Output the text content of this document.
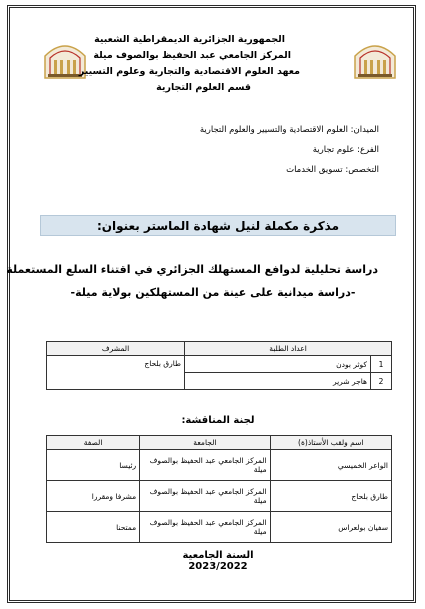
الجمهورية الجزائرية الديمقراطية الشعبية
المركز الجامعي عبد الحفيظ بوالصوف ميلة
معهد العلوم الاقتصادية والتجارية وعلوم التسيير
قسم العلوم التجارية
الميدان: العلوم الاقتصادية والتسيير والعلوم التجارية
الفرع: علوم تجارية
التخصص: تسويق الخدمات
مذكرة مكملة لنيل شهادة الماستر بعنوان:
دراسة تحليلية لدوافع المستهلك الجزائري في اقتناء السلع المستعملة
-دراسة ميدانية على عينة من المستهلكين بولاية ميلة-
اعداد الطلبة		المشرف
1	كوثر بودن	طارق بلحاج
2	هاجر شرير	
لجنة المناقشة:
اسم ولقب الأستاذ(ة)	الجامعة	الصفة
الواعر الخميسي	المركز الجامعي عبد الحفيظ بوالصوف ميلة	رئيسا
طارق بلحاج	المركز الجامعي عبد الحفيظ بوالصوف ميلة	مشرفا ومقررا
سفيان بولعراس	المركز الجامعي عبد الحفيظ بوالصوف ميلة	ممتحنا
السنة الجامعية 2023/2022
